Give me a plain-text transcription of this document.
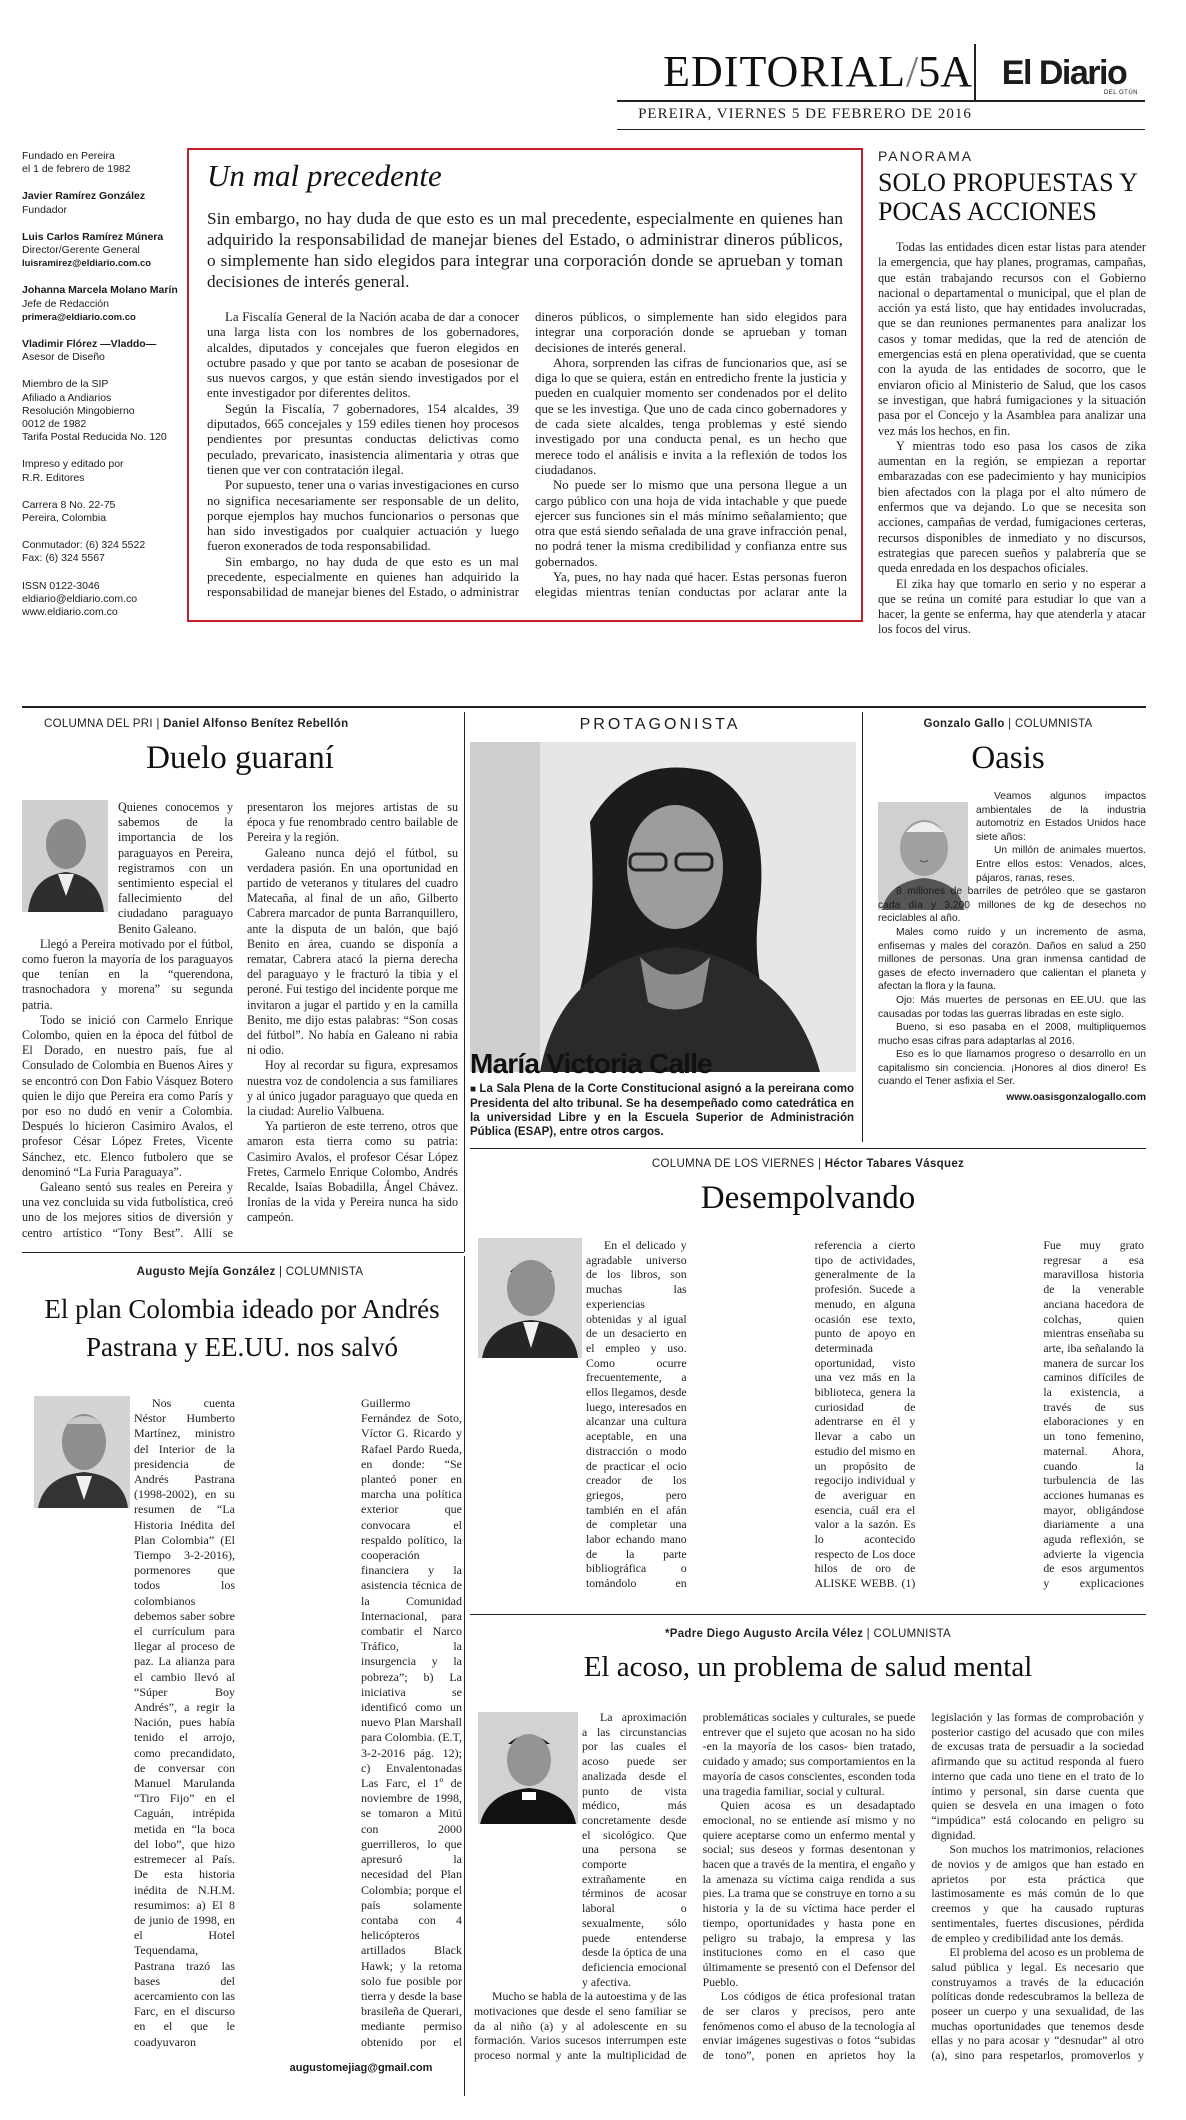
EDITORIAL/5A El Diario
DEL OTÚN
PEREIRA, VIERNES 5 DE FEBRERO DE 2016
Fundado en Pereira
el 1 de febrero de 1982
Javier Ramírez González
Fundador
Luis Carlos Ramírez Múnera
Director/Gerente General
luisramirez@eldiario.com.co
Johanna Marcela Molano Marín
Jefe de Redacción
primera@eldiario.com.co
Vladimir Flórez —Vladdo—
Asesor de Diseño
Miembro de la SIP
Afiliado a Andiarios
Resolución Mingobierno
0012 de 1982
Tarifa Postal Reducida No. 120
Impreso y editado por
R.R. Editores
Carrera 8 No. 22-75
Pereira, Colombia
Conmutador: (6) 324 5522
Fax: (6) 324 5567
ISSN 0122-3046
eldiario@eldiario.com.co
www.eldiario.com.co
Un mal precedente
Sin embargo, no hay duda de que esto es un mal precedente, especialmente en quienes han adquirido la responsabilidad de manejar bienes del Estado, o administrar dineros públicos, o simplemente han sido elegidos para integrar una corporación donde se aprueban y toman decisiones de interés general.

La Fiscalía General de la Nación acaba de dar a conocer una larga lista con los nombres de los gobernadores, alcaldes, diputados y concejales que fueron elegidos en octubre pasado y que por tanto se acaban de posesionar de sus nuevos cargos, y que están siendo investigados por el ente investigador por diferentes delitos.

Según la Fiscalía, 7 gobernadores, 154 alcaldes, 39 diputados, 665 concejales y 159 ediles tienen hoy procesos pendientes por presuntas conductas delictivas como peculado, prevaricato, inasistencia alimentaria y otras que tienen que ver con contratación ilegal.

Por supuesto, tener una o varias investigaciones en curso no significa necesariamente ser responsable de un delito, porque ejemplos hay muchos funcionarios o personas que han sido investigados por cualquier actuación y luego fueron exonerados de toda responsabilidad.

Sin embargo, no hay duda de que esto es un mal precedente, especialmente en quienes han adquirido la responsabilidad de manejar bienes del Estado, o administrar dineros públicos, o simplemente han sido elegidos para integrar una corporación donde se aprueban y toman decisiones de interés general.

Ahora, sorprenden las cifras de funcionarios que, así se diga lo que se quiera, están en entredicho frente la justicia y pueden en cualquier momento ser condenados por el delito que se les investiga. Que uno de cada cinco gobernadores y de cada siete alcaldes, tenga problemas y esté siendo investigado por una conducta penal, es un hecho que merece todo el análisis e invita a la reflexión de todos los ciudadanos.

No puede ser lo mismo que una persona llegue a un cargo público con una hoja de vida intachable y que puede ejercer sus funciones sin el más mínimo señalamiento; que otra que está siendo señalada de una grave infracción penal, no podrá tener la misma credibilidad y confianza entre sus gobernados.

Ya, pues, no hay nada qué hacer. Estas personas fueron elegidas mientras tenían conductas por aclarar ante la

PANORAMA
SOLO PROPUESTAS Y POCAS ACCIONES

Todas las entidades dicen estar listas para atender la emergencia, que hay planes, programas, campañas, que están trabajando recursos con el Gobierno nacional o departamental o municipal, que el plan de acción ya está listo, que hay entidades involucradas, que se dan reuniones permanentes para analizar los casos y tomar medidas, que la red de atención de emergencias está en plena operatividad, que se cuenta con la ayuda de las entidades de socorro, que le enviaron oficio al Ministerio de Salud, que los casos se investigan, que habrá fumigaciones y la situación pasa por el Concejo y la Asamblea para analizar una vez más los hechos, en fin.

Y mientras todo eso pasa los casos de zika aumentan en la región, se empiezan a reportar embarazadas con ese padecimiento y hay municipios bien afectados con la plaga por el alto número de enfermos que va dejando. Lo que se necesita son acciones, campañas de verdad, fumigaciones certeras, recursos disponibles de inmediato y no discursos, estrategias que parecen sueños y palabrería que se queda enredada en los despachos oficiales.

El zika hay que tomarlo en serio y no esperar a que se reúna un comité para estudiar lo que van a hacer, la gente se enferma, hay que atenderla y atacar los focos del virus.

COLUMNA DEL PRI | Daniel Alfonso Benítez Rebellón
Duelo guaraní

Quienes conocemos y sabemos de la importancia de los paraguayos en Pereira, registramos con un sentimiento especial el fallecimiento del ciudadano paraguayo Benito Galeano.

Llegó a Pereira motivado por el fútbol, como fueron la mayoría de los paraguayos que tenían en la “querendona, trasnochadora y morena” su segunda patria.

Todo se inició con Carmelo Enrique Colombo, quien en la época del fútbol de El Dorado, en nuestro país, fue al Consulado de Colombia en Buenos Aires y se encontró con Don Fabio Vásquez Botero quien le dijo que Pereira era como París y por eso no dudó en venir a Colombia. Después lo hicieron Casimiro Avalos, el profesor César López Fretes, Vicente Sánchez, etc. Elenco futbolero que se denominó “La Furia Paraguaya”.

Galeano sentó sus reales en Pereira y una vez concluida su vida futbolística, creó uno de los mejores sitios de diversión y centro artístico “Tony Best”. Allí se presentaron los mejores artistas de su época y fue renombrado centro bailable de Pereira y la región.

Galeano nunca dejó el fútbol, su verdadera pasión. En una oportunidad en partido de veteranos y titulares del cuadro Matecaña, al final de un año, Gilberto Cabrera marcador de punta Barranquillero, ante la disputa de un balón, que bajó Benito en área, cuando se disponía a rematar, Cabrera atacó la pierna derecha del paraguayo y le fracturó la tibia y el peroné. Fui testigo del incidente porque me invitaron a jugar el partido y en la camilla Benito, me dijo estas palabras: “Son cosas del fútbol”. No había en Galeano ni rabia ni odio.

Hoy al recordar su figura, expresamos nuestra voz de condolencia a sus familiares y al único jugador paraguayo que queda en la ciudad: Aurelio Valbuena.

Ya partieron de este terreno, otros que amaron esta tierra como su patria: Casimiro Avalos, el profesor César López Fretes, Carmelo Enrique Colombo, Andrés Recalde, Isaías Bobadilla, Ángel Chávez. Ironías de la vida y Pereira nunca ha sido campeón.

PROTAGONISTA
María Victoria Calle
■ La Sala Plena de la Corte Constitucional asignó a la pereirana como Presidenta del alto tribunal. Se ha desempeñado como catedrática en la universidad Libre y en la Escuela Superior de Administración Pública (ESAP), entre otros cargos.
Gonzalo Gallo | COLUMNISTA
Oasis

Veamos algunos impactos ambientales de la industria automotriz en Estados Unidos hace siete años:

Un millón de animales muertos. Entre ellos estos: Venados, alces, pájaros, ranas, reses.

8 millones de barriles de petróleo que se gastaron cada día y 3.200 millones de kg de desechos no reciclables al año.

Males como ruido y un incremento de asma, enfisemas y males del corazón. Daños en salud a 250 millones de personas. Una gran inmensa cantidad de gases de efecto invernadero que calientan el planeta y afectan la flora y la fauna.

Ojo: Más muertes de personas en EE.UU. que las causadas por todas las guerras libradas en este siglo.

Bueno, si eso pasaba en el 2008, multipliquemos mucho esas cifras para adaptarlas al 2016.

Eso es lo que llamamos progreso o desarrollo en un capitalismo sin conciencia. ¡Honores al dios dinero! Es cuando el Tener asfixia el Ser.

www.oasisgonzalogallo.com
Augusto Mejía González | COLUMNISTA
El plan Colombia ideado por Andrés Pastrana y EE.UU. nos salvó

Nos cuenta Néstor Humberto Martínez, ministro del Interior de la presidencia de Andrés Pastrana (1998-2002), en su resumen de “La Historia Inédita del Plan Colombia” (El Tiempo 3-2-2016), pormenores que todos los colombianos debemos saber sobre el currículum para llegar al proceso de paz. La alianza para el cambio llevó al “Súper Boy Andrés”, a regir la Nación, pues había tenido el arrojo, como precandidato, de conversar con Manuel Marulanda “Tiro Fijo” en el Caguán, intrépida metida en “la boca del lobo”, que hizo estremecer al País. De esta historia inédita de N.H.M. resumimos: a) El 8 de junio de 1998, en el Hotel Tequendama, Pastrana trazó las bases del acercamiento con las Farc, en el discurso en el que le coadyuvaron Guillermo Fernández de Soto, Víctor G. Ricardo y Rafael Pardo Rueda, en donde: “Se planteó poner en marcha una política exterior que convocara el respaldo político, la cooperación financiera y la asistencia técnica de la Comunidad Internacional, para combatir el Narco Tráfico, la insurgencia y la pobreza”; b) La iniciativa se identificó como un nuevo Plan Marshall para Colombia. (E.T, 3-2-2016 pág. 12); c) Envalentonadas Las Farc, el 1º de noviembre de 1998, se tomaron a Mitú con 2000 guerrilleros, lo que apresuró la necesidad del Plan Colombia; porque el país solamente contaba con 4 helicópteros artillados Black Hawk; y la retoma solo fue posible por tierra y desde la base brasileña de Querari, mediante permiso obtenido por el

augustomejiag@gmail.com
COLUMNA DE LOS VIERNES | Héctor Tabares Vásquez
Desempolvando

En el delicado y agradable universo de los libros, son muchas las experiencias obtenidas y al igual de un desacierto en el empleo y uso. Como ocurre frecuentemente, a ellos llegamos, desde luego, interesados en alcanzar una cultura aceptable, en una distracción o modo de practicar el ocio creador de los griegos, pero también en el afán de completar una labor echando mano de la parte bibliográfica o tomándolo en referencia a cierto tipo de actividades, generalmente de la profesión. Sucede a menudo, en alguna ocasión ese texto, punto de apoyo en determinada oportunidad, visto una vez más en la biblioteca, genera la curiosidad de adentrarse en él y llevar a cabo un estudio del mismo en un propósito de regocijo individual y de averiguar en esencia, cuál era el valor a la sazón. Es lo acontecido respecto de Los doce hilos de oro de ALISKE WEBB. (1) Fue muy grato regresar a esa maravillosa historia de la venerable anciana hacedora de colchas, quien mientras enseñaba su arte, iba señalando la manera de surcar los caminos difíciles de la existencia, a través de sus elaboraciones y en un tono femenino, maternal. Ahora, cuando la turbulencia de las acciones humanas es mayor, obligándose diariamente a una aguda reflexión, se advierte la vigencia de esos argumentos y explicaciones

*Padre Diego Augusto Arcila Vélez | COLUMNISTA
El acoso, un problema de salud mental

La aproximación a las circunstancias por las cuales el acoso puede ser analizada desde el punto de vista médico, más concretamente desde el sicológico. Que una persona se comporte extrañamente en términos de acosar laboral o sexualmente, sólo puede entenderse desde la óptica de una deficiencia emocional y afectiva.

Mucho se habla de la autoestima y de las motivaciones que desde el seno familiar se da al niño (a) y al adolescente en su formación. Varios sucesos interrumpen este proceso normal y ante la multiplicidad de problemáticas sociales y culturales, se puede entrever que el sujeto que acosan no ha sido -en la mayoría de los casos- bien tratado, cuidado y amado; sus comportamientos en la mayoría de casos conscientes, esconden toda una tragedia familiar, social y cultural.

Quien acosa es un desadaptado emocional, no se entiende así mismo y no quiere aceptarse como un enfermo mental y social; sus deseos y formas desentonan y hacen que a través de la mentira, el engaño y la amenaza su víctima caiga rendida a sus pies. La trama que se construye en torno a su historia y la de su víctima hace perder el tiempo, oportunidades y hasta pone en peligro su trabajo, la empresa y las instituciones como en el caso que últimamente se presentó con el Defensor del Pueblo.

Los códigos de ética profesional tratan de ser claros y precisos, pero ante fenómenos como el abuso de la tecnología al enviar imágenes sugestivas o fotos “subidas de tono”, ponen en aprietos hoy la legislación y las formas de comprobación y posterior castigo del acusado que con miles de excusas trata de persuadir a la sociedad afirmando que su actitud responda al fuero interno que cada uno tiene en el trato de lo íntimo y personal, sin darse cuenta que quien se desvela en una imagen o foto “impúdica” está colocando en peligro su dignidad.

Son muchos los matrimonios, relaciones de novios y de amigos que han estado en aprietos por esta práctica que lastimosamente es más común de lo que creemos y que ha causado rupturas sentimentales, fuertes discusiones, pérdida de empleo y credibilidad ante los demás.

El problema del acoso es un problema de salud pública y legal. Es necesario que construyamos a través de la educación políticas donde redescubramos la belleza de poseer un cuerpo y una sexualidad, de las muchas oportunidades que tenemos desde ellas y no para acosar y “desnudar” al otro (a), sino para respetarlos, promoverlos y
